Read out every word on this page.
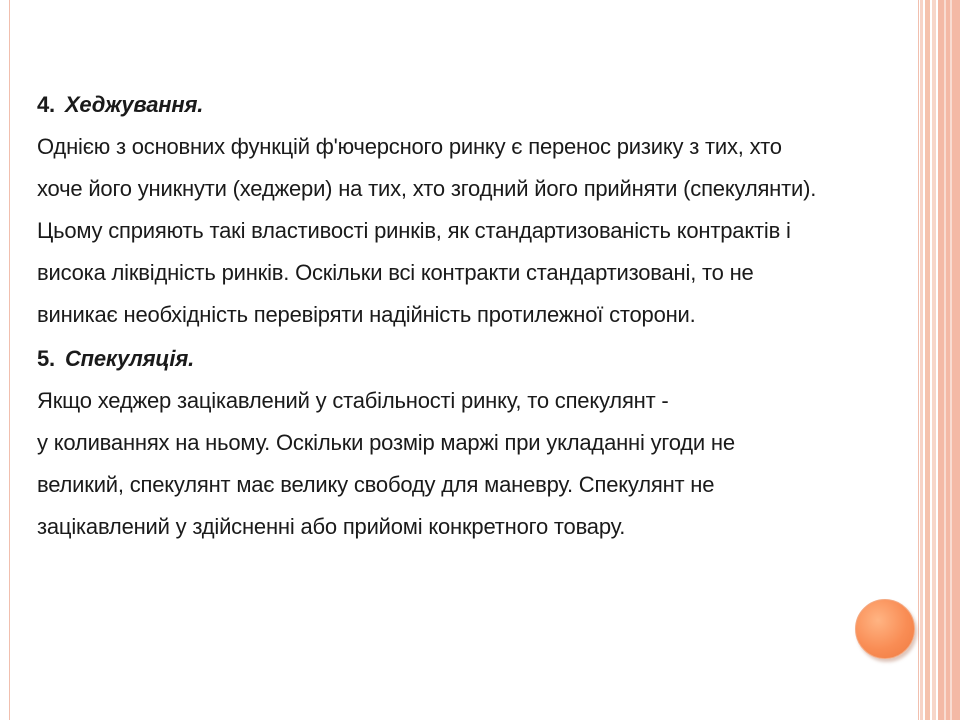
4. Хеджування.
Однією з основних функцій ф'ючерсного ринку є перенос ризику з тих, хто
хоче його уникнути (хеджери) на тих, хто згодний його прийняти (спекулянти).
Цьому сприяють такі властивості ринків, як стандартизованість контрактів і
висока ліквідність ринків. Оскільки всі контракти стандартизовані, то не
виникає необхідність перевіряти надійність протилежної сторони.
5. Спекуляція.
Якщо хеджер зацікавлений у стабільності ринку, то спекулянт -
у коливаннях на ньому. Оскільки розмір маржі при укладанні угоди не
великий, спекулянт має велику свободу для маневру. Спекулянт не
зацікавлений у здійсненні або прийомі конкретного товару.
